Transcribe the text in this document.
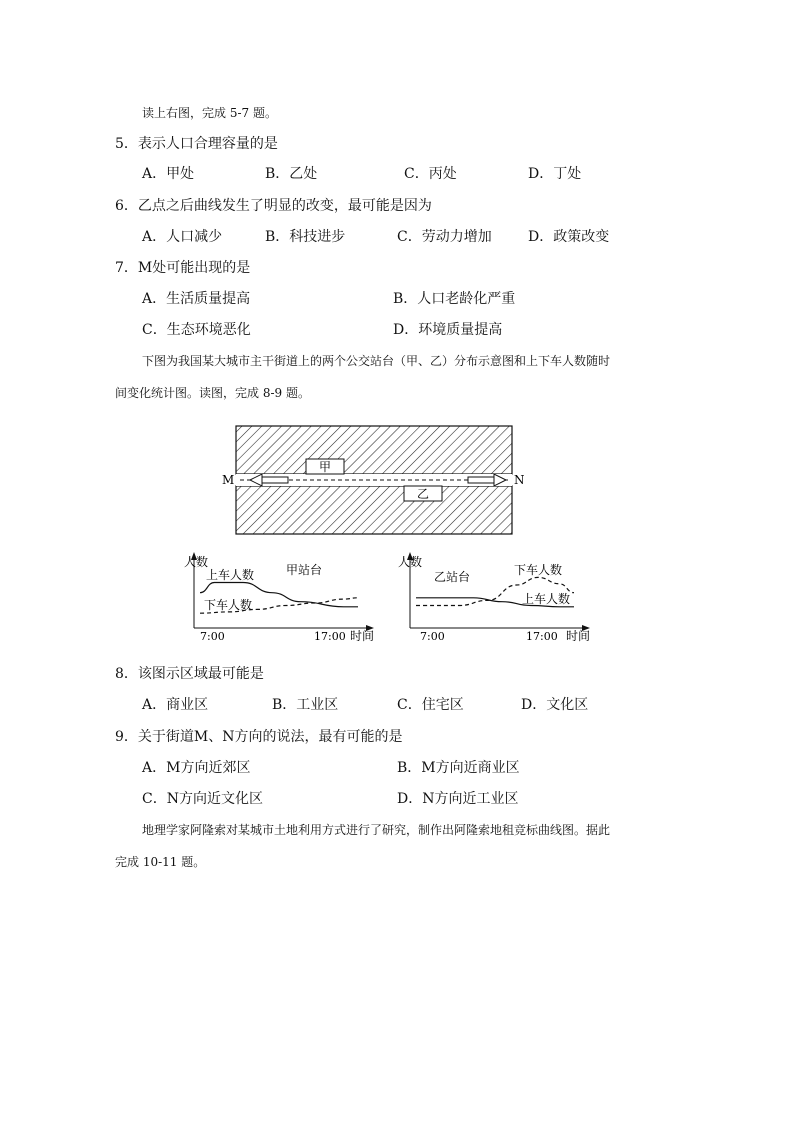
读上右图，完成 5-7 题。
5．表示人口合理容量的是
A．甲处	B．乙处	C．丙处	D．丁处
6．乙点之后曲线发生了明显的改变，最可能是因为
A．人口减少	B．科技进步	C．劳动力增加	D．政策改变
7．M处可能出现的是
A．生活质量提高	B．人口老龄化严重
C．生态环境恶化	D．环境质量提高
下图为我国某大城市主干街道上的两个公交站台（甲、乙）分布示意图和上下车人数随时
间变化统计图。读图，完成 8-9 题。
甲
乙
M	N
人数
甲站台
7:00	17:00 时间
上车人数
下车人数
人数
乙站台
7:00	17:00 时间
下车人数
上车人数
8．该图示区域最可能是
A．商业区	B．工业区	C．住宅区	D．文化区
9．关于街道M、N方向的说法，最有可能的是
A．M方向近郊区	B．M方向近商业区
C．N方向近文化区	D．N方向近工业区
地理学家阿隆索对某城市土地利用方式进行了研究，制作出阿隆索地租竞标曲线图。据此
完成 10-11 题。
